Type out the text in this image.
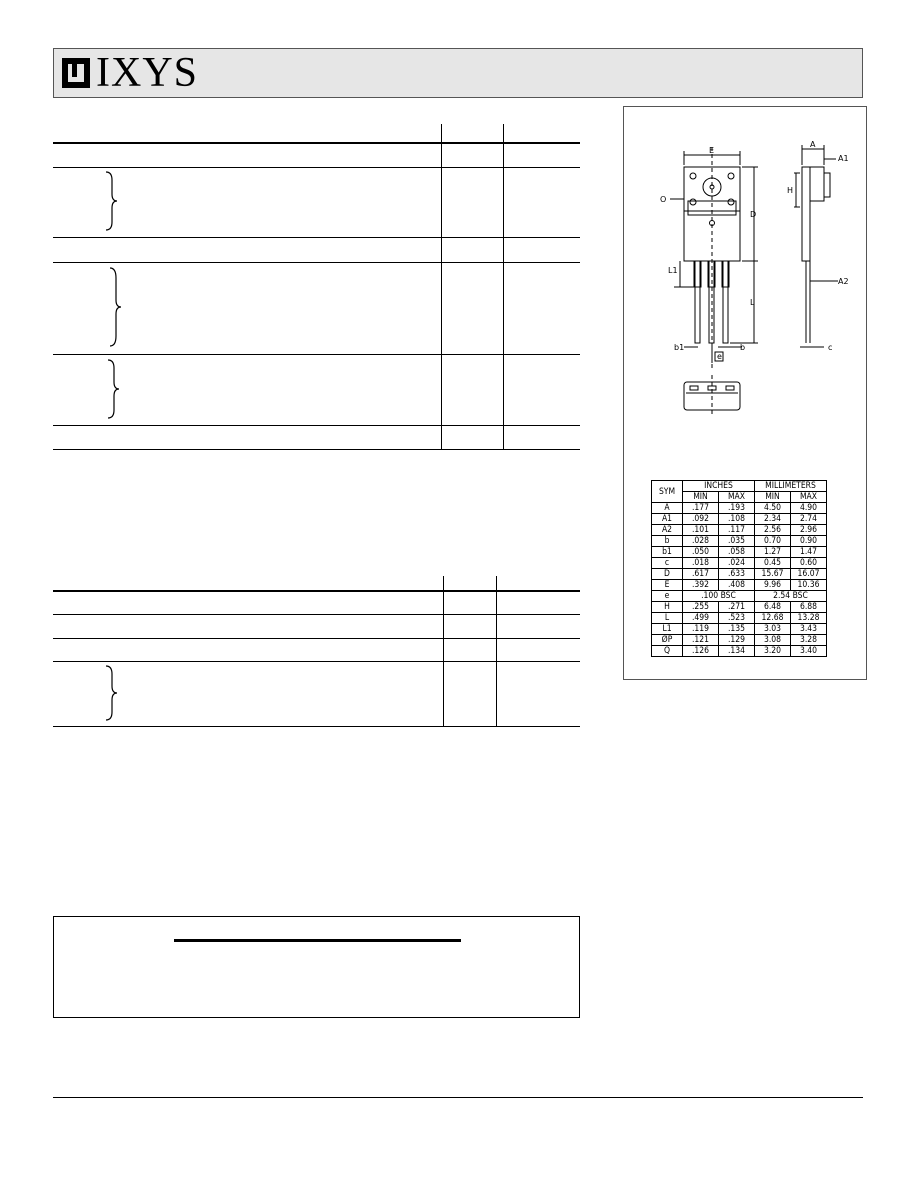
IXYS
E
A
A1
O
D
H
L1
L
A2
b1
e
b	c
SYM	INCHES		MILLIMETERS	
	MIN	MAX	MIN	MAX
A	.177	.193	4.50	4.90
A1	.092	.108	2.34	2.74
A2	.101	.117	2.56	2.96
b	.028	.035	0.70	0.90
b1	.050	.058	1.27	1.47
c	.018	.024	0.45	0.60
D	.617	.633	15.67	16.07
E	.392	.408	9.96	10.36
e	.100 BSC		2.54 BSC	
H	.255	.271	6.48	6.88
L	.499	.523	12.68	13.28
L1	.119	.135	3.03	3.43
ØP	.121	.129	3.08	3.28
Q	.126	.134	3.20	3.40
